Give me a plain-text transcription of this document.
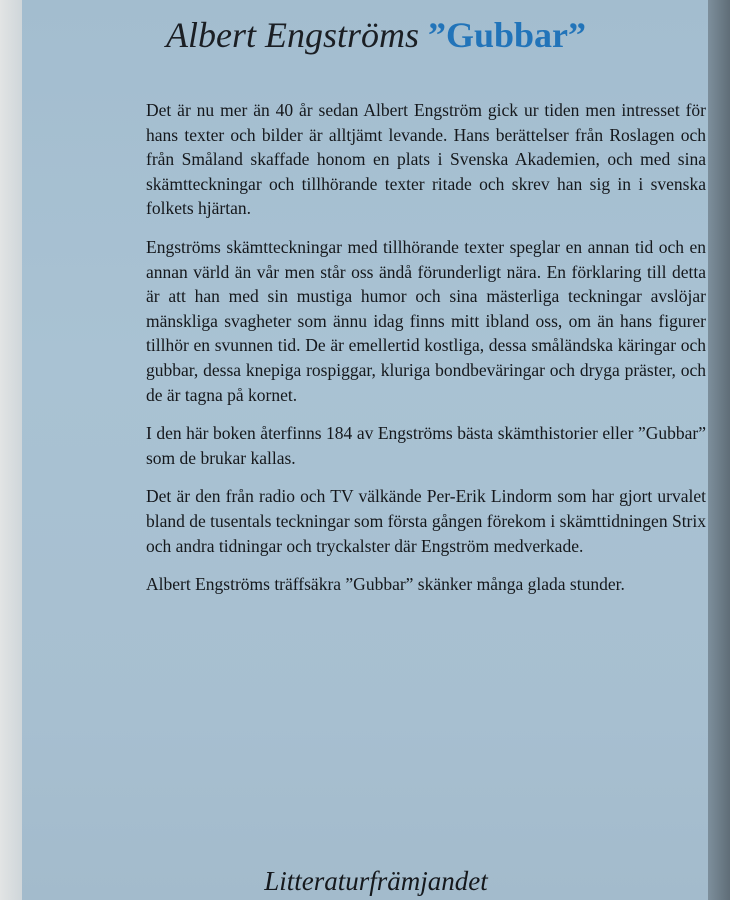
Albert Engströms ”Gubbar”

Det är nu mer än 40 år sedan Albert Engström gick ur tiden men intresset för hans texter och bilder är alltjämt levande. Hans berättelser från Roslagen och från Småland skaffade honom en plats i Svenska Akademien, och med sina skämtteckningar och tillhörande texter ritade och skrev han sig in i svenska folkets hjärtan.

Engströms skämtteckningar med tillhörande texter speglar en annan tid och en annan värld än vår men står oss ändå förunderligt nära. En förklaring till detta är att han med sin mustiga humor och sina mästerliga teckningar avslöjar mänskliga svagheter som ännu idag finns mitt ibland oss, om än hans figurer tillhör en svunnen tid. De är emellertid kostliga, dessa småländska käringar och gubbar, dessa knepiga rospiggar, kluriga bondbeväringar och dryga präster, och de är tagna på kornet.

I den här boken återfinns 184 av Engströms bästa skämthistorier eller ”Gubbar” som de brukar kallas.

Det är den från radio och TV välkände Per-Erik Lindorm som har gjort urvalet bland de tusentals teckningar som första gången förekom i skämttidningen Strix och andra tidningar och tryckalster där Engström medverkade.

Albert Engströms träffsäkra ”Gubbar” skänker många glada stunder.

Litteraturfrämjandet
